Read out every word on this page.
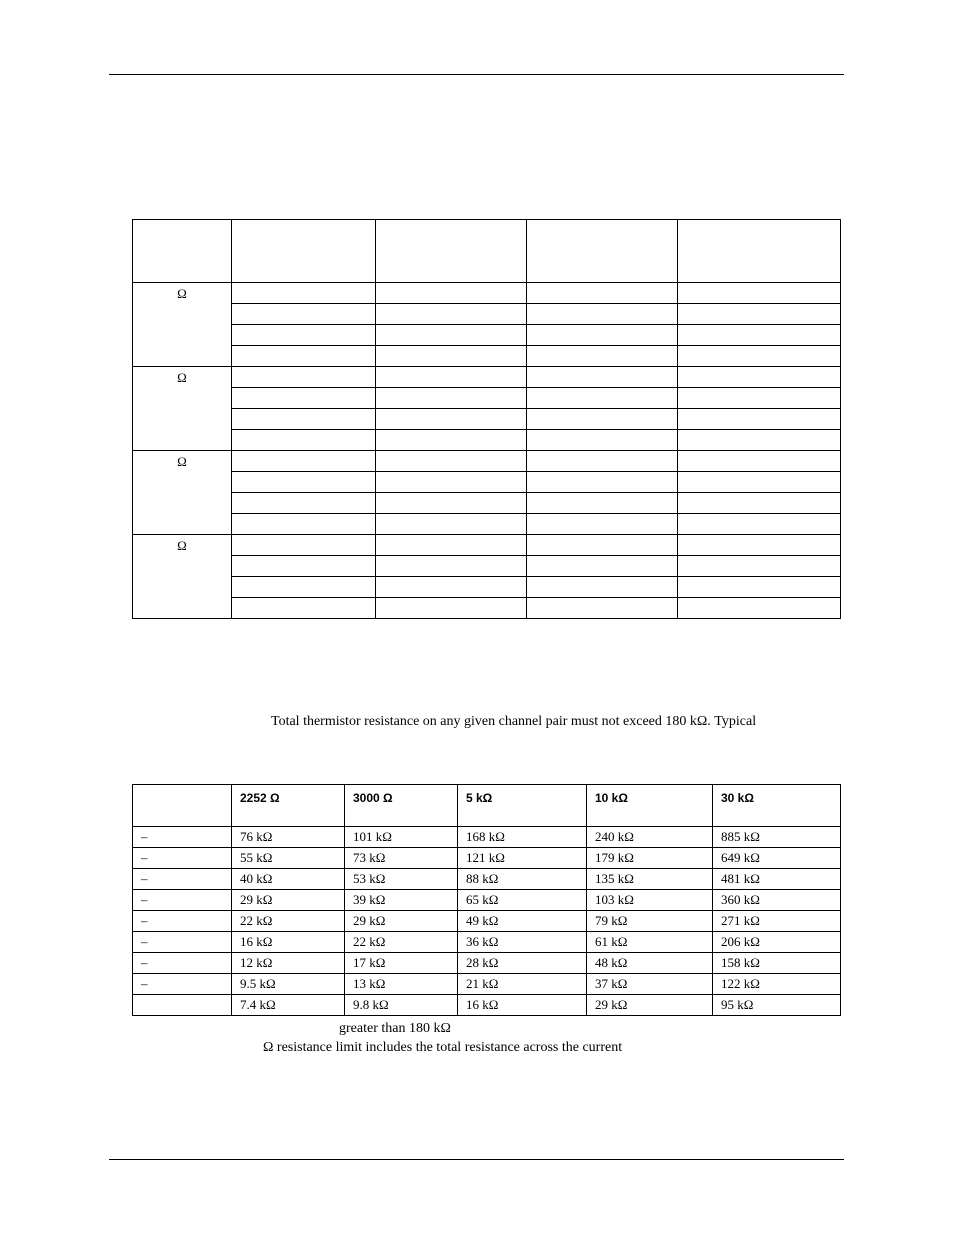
Ω				

Ω				

Ω				

Ω				

Total thermistor resistance on any given channel pair must not exceed 180 kΩ. Typical
	2252 Ω	3000 Ω	5 kΩ	10 kΩ	30 kΩ
–	76 kΩ	101 kΩ	168 kΩ	240 kΩ	885 kΩ
–	55 kΩ	73 kΩ	121 kΩ	179 kΩ	649 kΩ
–	40 kΩ	53 kΩ	88 kΩ	135 kΩ	481 kΩ
–	29 kΩ	39 kΩ	65 kΩ	103 kΩ	360 kΩ
–	22 kΩ	29 kΩ	49 kΩ	79 kΩ	271 kΩ
–	16 kΩ	22 kΩ	36 kΩ	61 kΩ	206 kΩ
–	12 kΩ	17 kΩ	28 kΩ	48 kΩ	158 kΩ
–	9.5 kΩ	13 kΩ	21 kΩ	37 kΩ	122 kΩ
	7.4 kΩ	9.8 kΩ	16 kΩ	29 kΩ	95 kΩ
greater than 180 kΩ
Ω resistance limit includes the total resistance across the current
